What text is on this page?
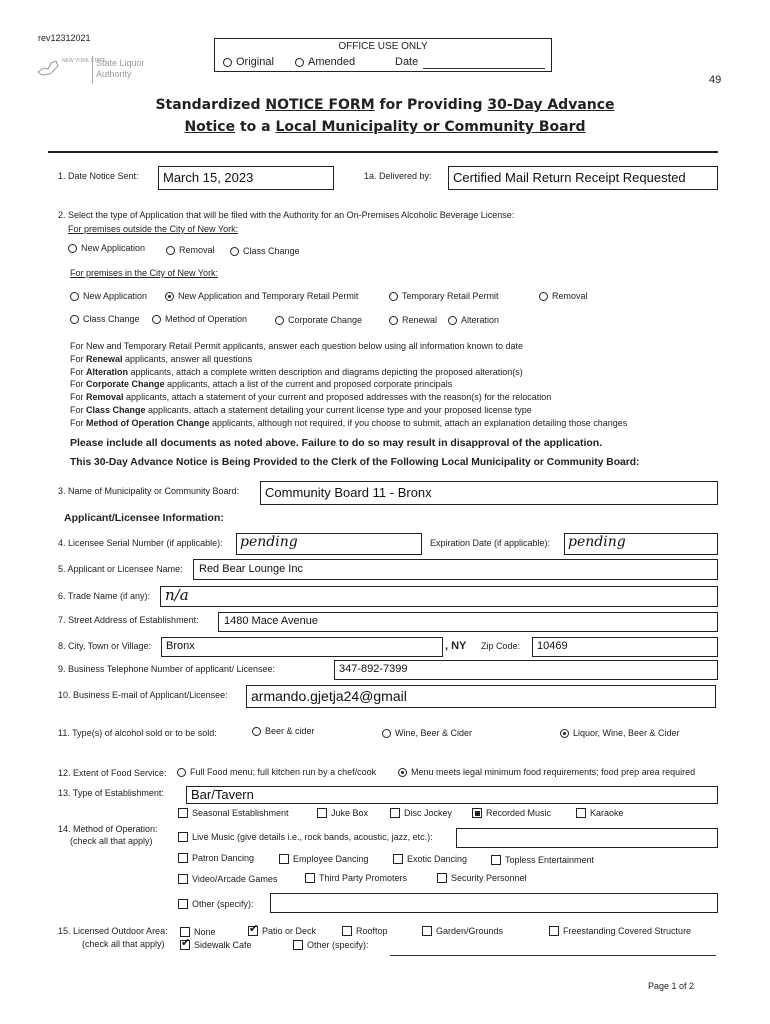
rev12312021
NEW YORK STATE
State Liquor
Authority
OFFICE USE ONLY
Original	Amended	Date
49
Standardized NOTICE FORM for Providing 30-Day Advance
Notice to a Local Municipality or Community Board
1. Date Notice Sent: March 15, 2023	1a. Delivered by: Certified Mail Return Receipt Requested
2. Select the type of Application that will be filed with the Authority for an On-Premises Alcoholic Beverage License:
For premises outside the City of New York:
New Application	Removal	Class Change
For premises in the City of New York:
New Application	New Application and Temporary Retail Permit	Temporary Retail Permit	Removal
Class Change	Method of Operation	Corporate Change	Renewal	Alteration
For New and Temporary Retail Permit applicants, answer each question below using all information known to date
For Renewal applicants, answer all questions
For Alteration applicants, attach a complete written description and diagrams depicting the proposed alteration(s)
For Corporate Change applicants, attach a list of the current and proposed corporate principals
For Removal applicants, attach a statement of your current and proposed addresses with the reason(s) for the relocation
For Class Change applicants, attach a statement detailing your current license type and your proposed license type
For Method of Operation Change applicants, although not required, if you choose to submit, attach an explanation detailing those changes
Please include all documents as noted above. Failure to do so may result in disapproval of the application.
This 30-Day Advance Notice is Being Provided to the Clerk of the Following Local Municipality or Community Board:
3. Name of Municipality or Community Board: Community Board 11 - Bronx
Applicant/Licensee Information:
4. Licensee Serial Number (if applicable): pending	Expiration Date (if applicable): pending
5. Applicant or Licensee Name: Red Bear Lounge Inc
6. Trade Name (if any): n/a
7. Street Address of Establishment: 1480 Mace Avenue
8. City, Town or Village: Bronx	, NY Zip Code: 10469
9. Business Telephone Number of applicant/ Licensee:	347-892-7399
10. Business E-mail of Applicant/Licensee: armando.gjetja24@gmail
11. Type(s) of alcohol sold or to be sold:	Beer & cider	Wine, Beer & Cider	Liquor, Wine, Beer & Cider
12. Extent of Food Service:	Full Food menu; full kitchen run by a chef/cook	Menu meets legal minimum food requirements; food prep area required
13. Type of Establishment: Bar/Tavern
14. Method of Operation:
(check all that apply)
Seasonal Establishment	Juke Box	Disc Jockey	Recorded Music	Karaoke
Live Music (give details i.e., rock bands, acoustic, jazz, etc.):
Patron Dancing	Employee Dancing	Exotic Dancing	Topless Entertainment
Video/Arcade Games	Third Party Promoters	Security Personnel
Other (specify):
15. Licensed Outdoor Area:
(check all that apply)
None
✔	Patio or Deck	Rooftop	Garden/Grounds	Freestanding Covered Structure
✔Sidewalk Cafe	Other (specify):
Page 1 of 2
